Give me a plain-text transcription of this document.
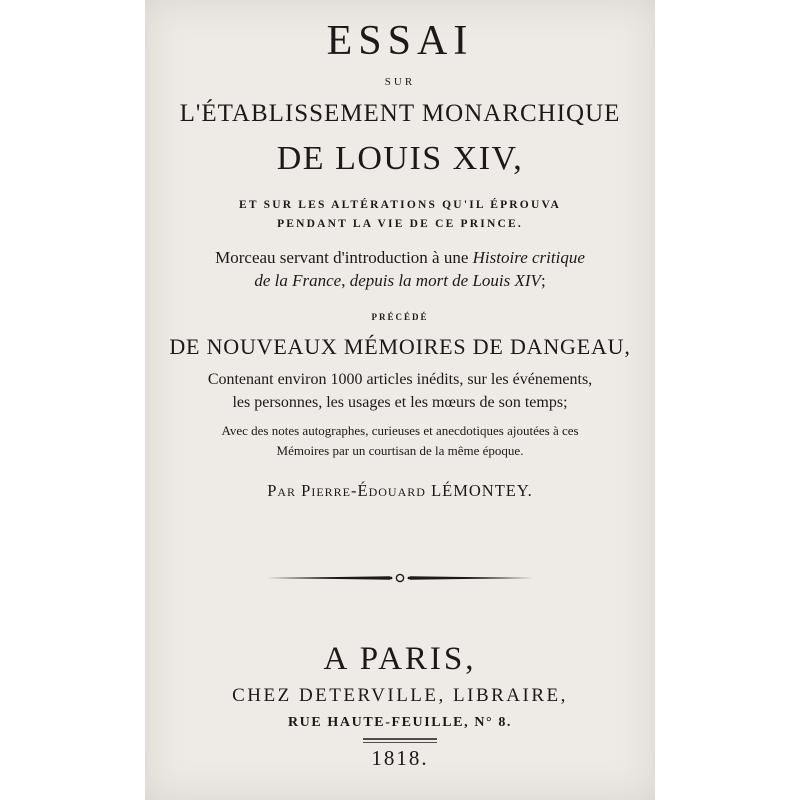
ESSAI
SUR
L'ÉTABLISSEMENT MONARCHIQUE
DE LOUIS XIV,
ET SUR LES ALTÉRATIONS QU'IL ÉPROUVA
PENDANT LA VIE DE CE PRINCE.
Morceau servant d'introduction à une Histoire critique
de la France, depuis la mort de Louis XIV;
PRÉCÉDÉ
DE NOUVEAUX MÉMOIRES DE DANGEAU,
Contenant environ 1000 articles inédits, sur les événements,
les personnes, les usages et les mœurs de son temps;
Avec des notes autographes, curieuses et anecdotiques ajoutées à ces
Mémoires par un courtisan de la même époque.
Par Pierre-Édouard LÉMONTEY.
A PARIS,
CHEZ DETERVILLE, LIBRAIRE,
RUE HAUTE-FEUILLE, N° 8.
1818.
